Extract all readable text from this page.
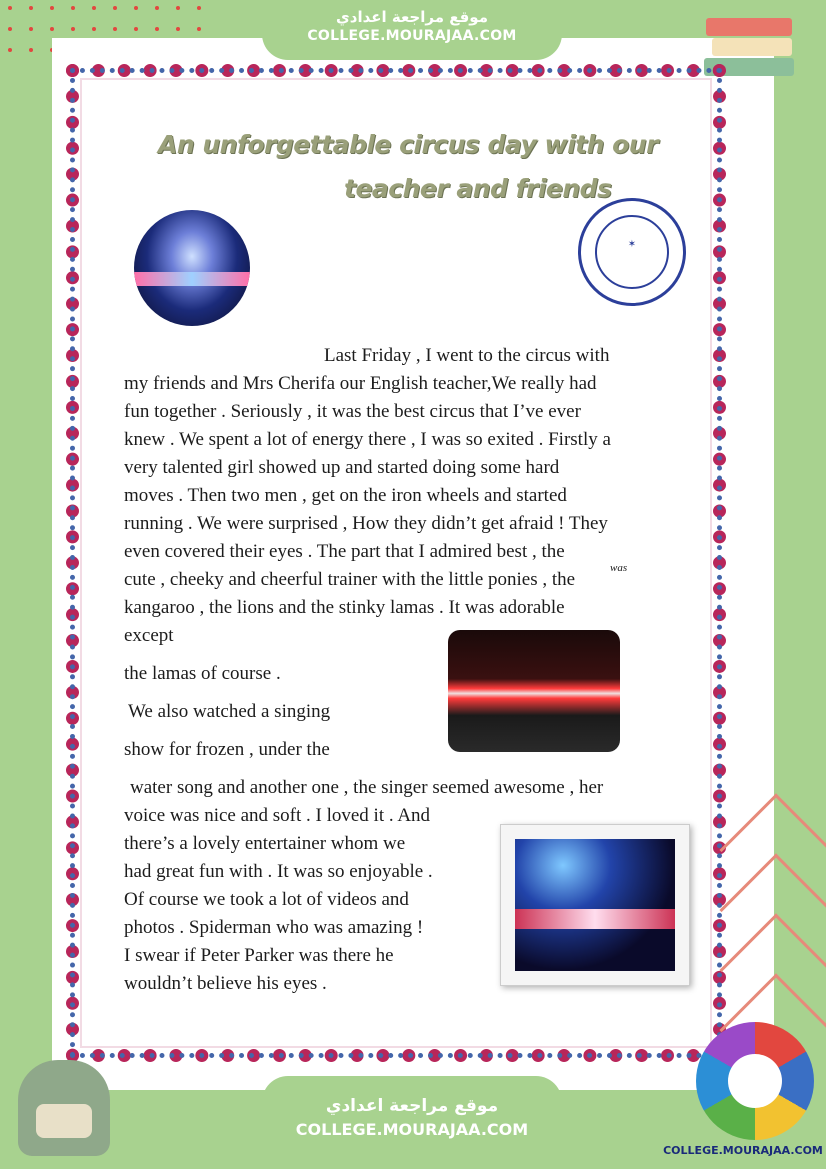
موقع مراجعة اعدادي
COLLEGE.MOURAJAA.COM
An unforgettable circus day with our
teacher and friends
✶
Last Friday , I went to the circus with
my friends and Mrs Cherifa our English teacher,We really had
fun together . Seriously , it was the best circus that I’ve ever
knew . We spent a lot of energy there , I was so exited . Firstly a
very talented girl showed up and started doing some hard
moves . Then two men , get on the iron wheels and started
running . We were surprised , How they didn’t get afraid ! They
even covered their eyes . The part that I admired best , the
was
cute , cheeky and cheerful trainer with the little ponies , the
kangaroo , the lions and the stinky lamas . It was adorable
except
the lamas of course .
We also watched a singing
show for frozen , under the
water song and another one , the singer seemed awesome , her
voice was nice and soft . I loved it . And
there’s a lovely entertainer whom we
had great fun with . It was so enjoyable .
Of course we took a lot of videos and
photos . Spiderman who was amazing !
I swear if Peter Parker was there he
wouldn’t believe his eyes .
موقع مراجعة اعدادي
COLLEGE.MOURAJAA.COM
COLLEGE.MOURAJAA.COM
